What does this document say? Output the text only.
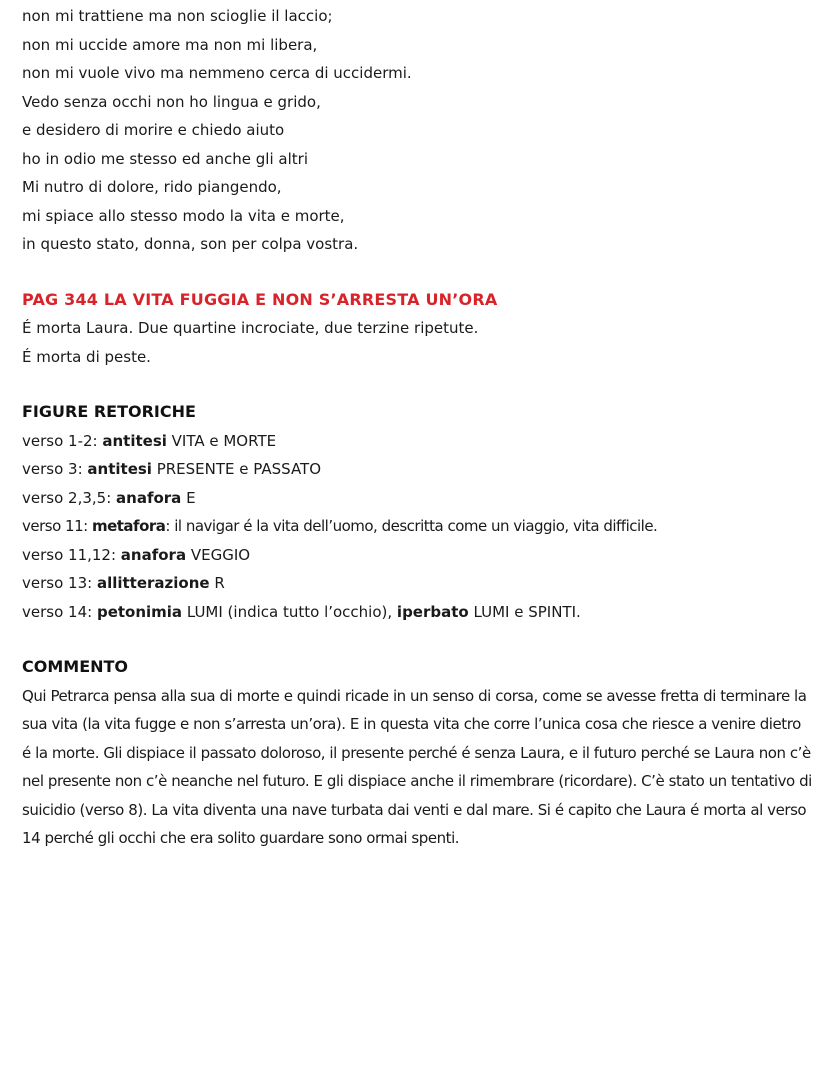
non mi trattiene ma non scioglie il laccio;
non mi uccide amore ma non mi libera,
non mi vuole vivo ma nemmeno cerca di uccidermi.
Vedo senza occhi non ho lingua e grido,
e desidero di morire e chiedo aiuto
ho in odio me stesso ed anche gli altri
Mi nutro di dolore, rido piangendo,
mi spiace allo stesso modo la vita e morte,
in questo stato, donna, son per colpa vostra.
PAG 344 LA VITA FUGGIA E NON S’ARRESTA UN’ORA
É morta Laura. Due quartine incrociate, due terzine ripetute.
É morta di peste.
FIGURE RETORICHE
verso 1-2: antitesi VITA e MORTE
verso 3: antitesi PRESENTE e PASSATO
verso 2,3,5: anafora E
verso 11: metafora: il navigar é la vita dell’uomo, descritta come un viaggio, vita difficile.
verso 11,12: anafora VEGGIO
verso 13: allitterazione R
verso 14: petonimia LUMI (indica tutto l’occhio), iperbato LUMI e SPINTI.
COMMENTO
Qui Petrarca pensa alla sua di morte e quindi ricade in un senso di corsa, come se avesse fretta di terminare la sua vita (la vita fugge e non s’arresta un’ora). E in questa vita che corre l’unica cosa che riesce a venire dietro é la morte. Gli dispiace il passato doloroso, il presente perché é senza Laura, e il futuro perché se Laura non c’è nel presente non c’è neanche nel futuro. E gli dispiace anche il rimembrare (ricordare). C’è stato un tentativo di suicidio (verso 8). La vita diventa una nave turbata dai venti e dal mare. Si é capito che Laura é morta al verso 14 perché gli occhi che era solito guardare sono ormai spenti.
